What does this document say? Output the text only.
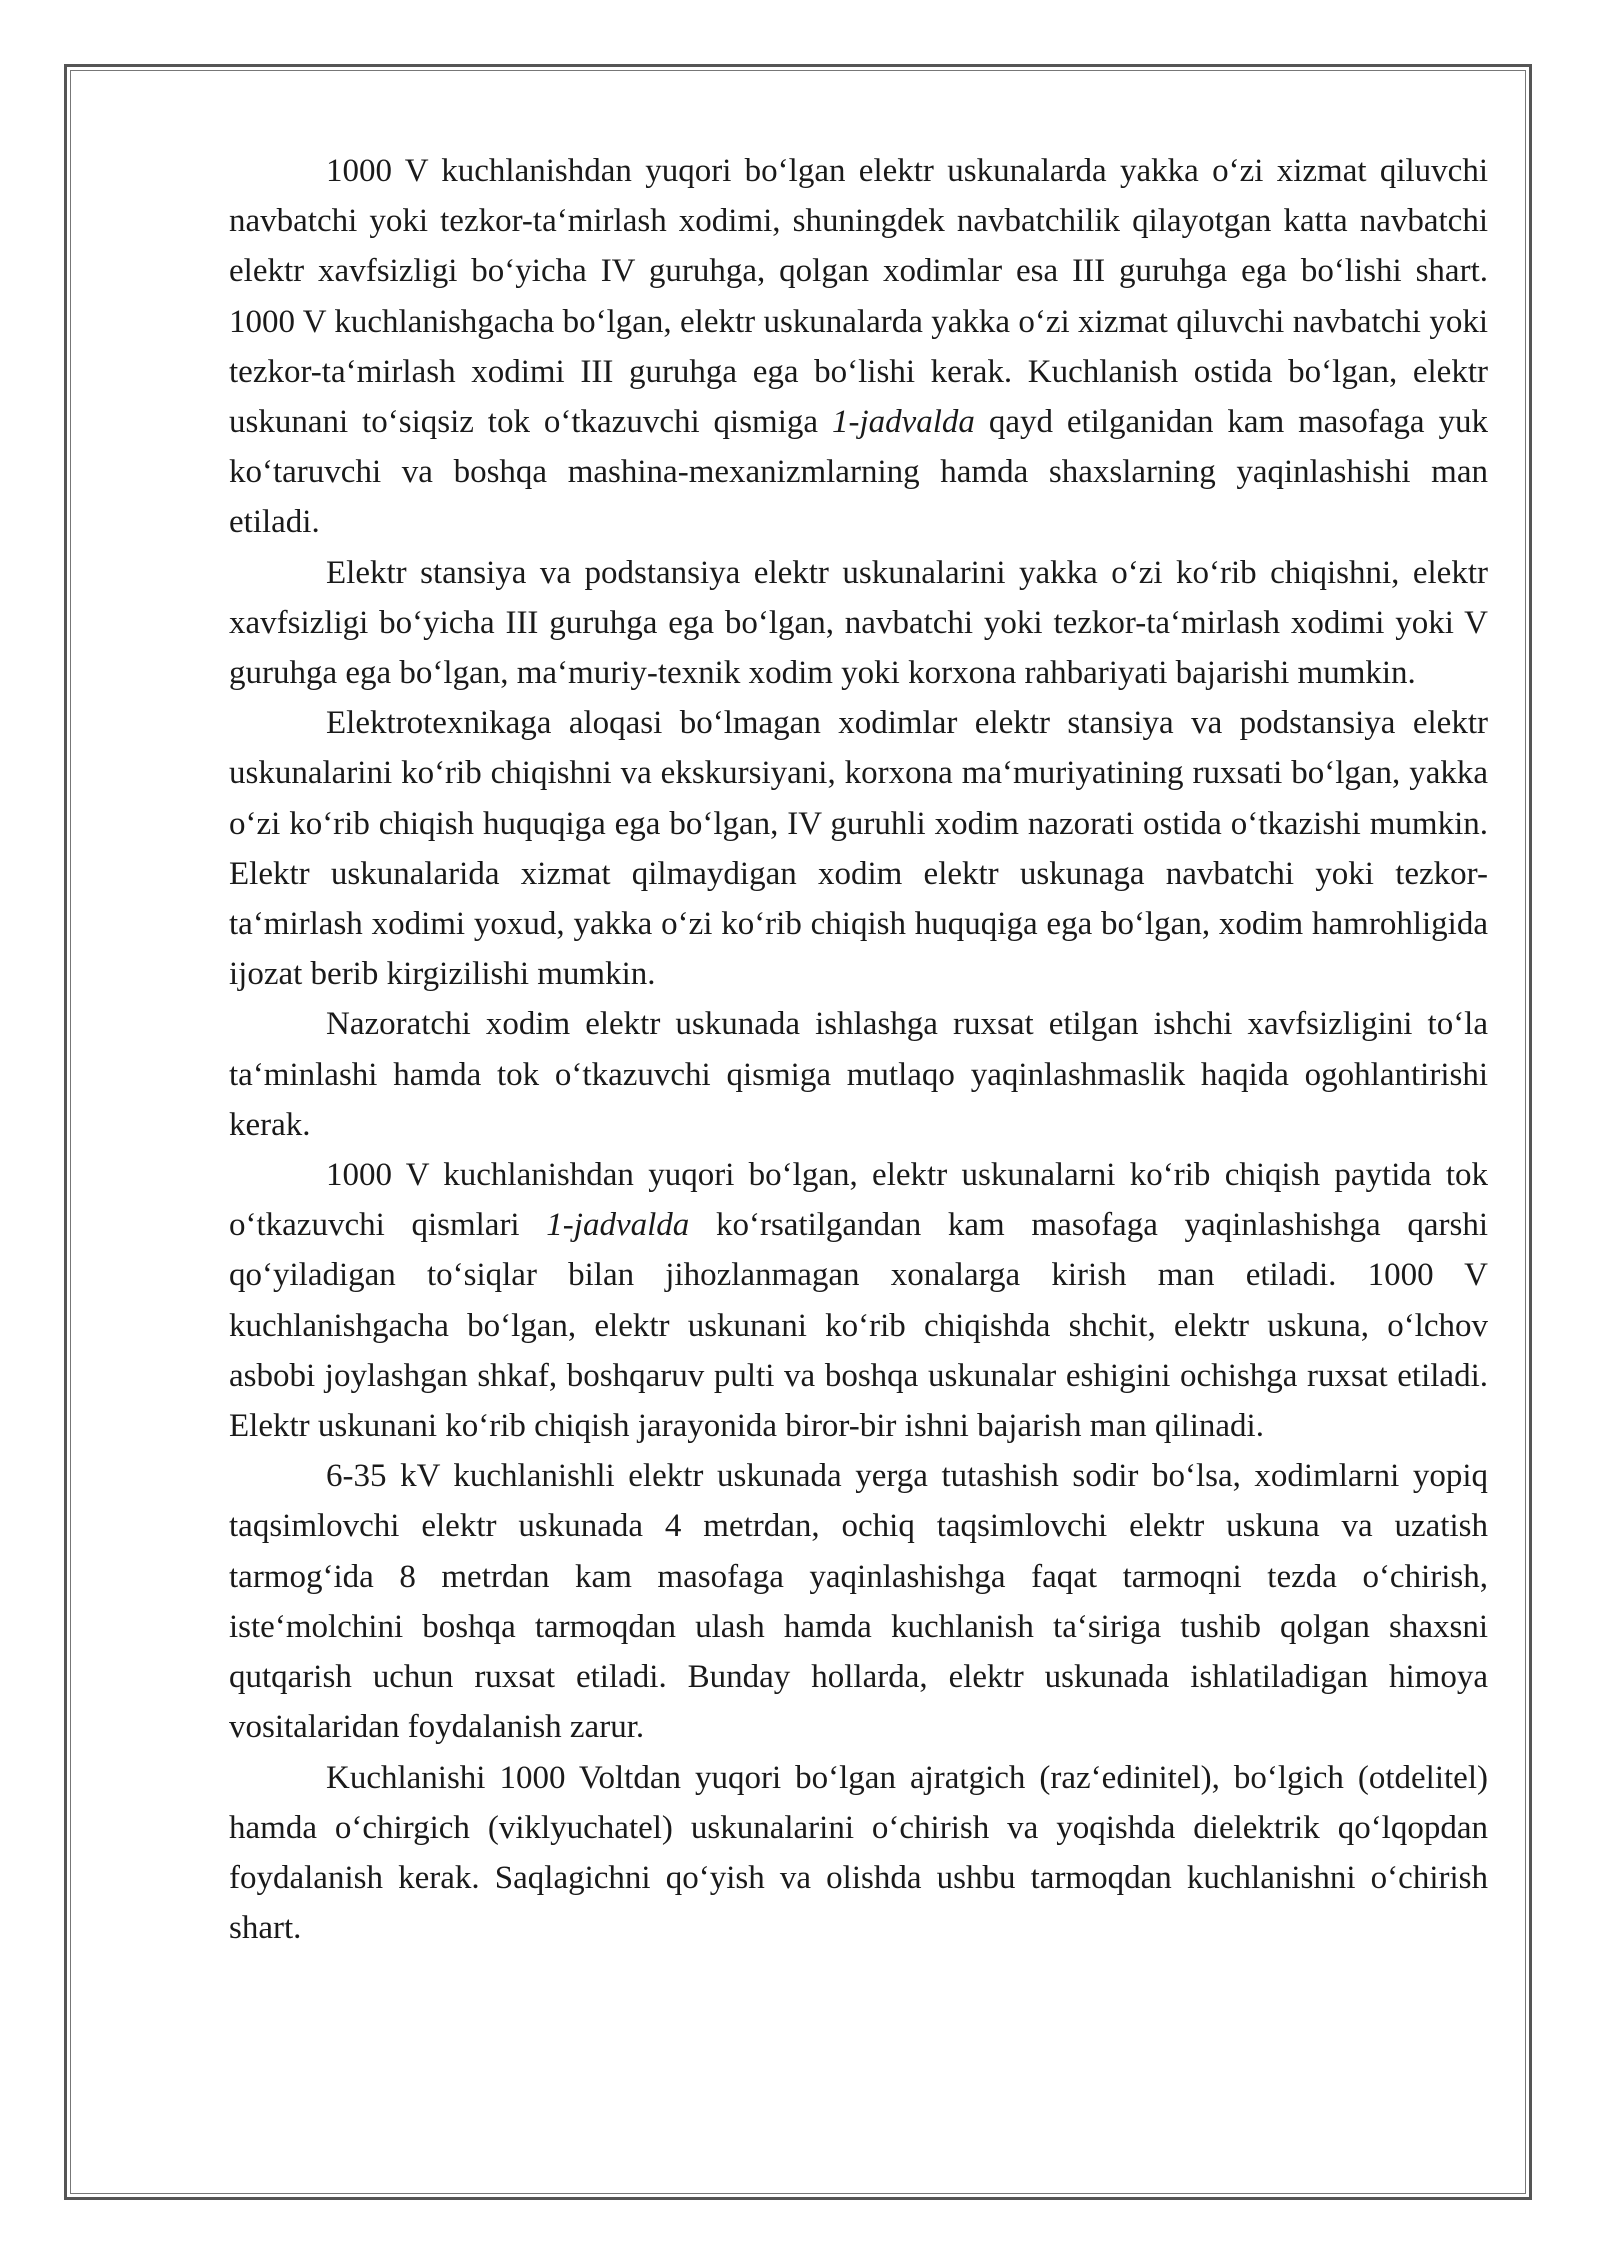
1000 V kuchlanishdan yuqori bo‘lgan elektr uskunalarda yakka o‘zi xizmat qiluvchi navbatchi yoki tezkor-ta‘mirlash xodimi, shuningdek navbatchilik qilayotgan katta navbatchi elektr xavfsizligi bo‘yicha IV guruhga, qolgan xodimlar esa III guruhga ega bo‘lishi shart. 1000 V kuchlanishgacha bo‘lgan, elektr uskunalarda yakka o‘zi xizmat qiluvchi navbatchi yoki tezkor-ta‘mirlash xodimi III guruhga ega bo‘lishi kerak. Kuchlanish ostida bo‘lgan, elektr uskunani to‘siqsiz tok o‘tkazuvchi qismiga 1-jadvalda qayd etilganidan kam masofaga yuk ko‘taruvchi va boshqa mashina-mexanizmlarning hamda shaxslarning yaqinlashishi man etiladi.

Elektr stansiya va podstansiya elektr uskunalarini yakka o‘zi ko‘rib chiqishni, elektr xavfsizligi bo‘yicha III guruhga ega bo‘lgan, navbatchi yoki tezkor-ta‘mirlash xodimi yoki V guruhga ega bo‘lgan, ma‘muriy-texnik xodim yoki korxona rahbariyati bajarishi mumkin.

Elektrotexnikaga aloqasi bo‘lmagan xodimlar elektr stansiya va podstansiya elektr uskunalarini ko‘rib chiqishni va ekskursiyani, korxona ma‘muriyatining ruxsati bo‘lgan, yakka o‘zi ko‘rib chiqish huquqiga ega bo‘lgan, IV guruhli xodim nazorati ostida o‘tkazishi mumkin. Elektr uskunalarida xizmat qilmaydigan xodim elektr uskunaga navbatchi yoki tezkor-ta‘mirlash xodimi yoxud, yakka o‘zi ko‘rib chiqish huquqiga ega bo‘lgan, xodim hamrohligida ijozat berib kirgizilishi mumkin.

Nazoratchi xodim elektr uskunada ishlashga ruxsat etilgan ishchi xavfsizligini to‘la ta‘minlashi hamda tok o‘tkazuvchi qismiga mutlaqo yaqinlashmaslik haqida ogohlantirishi kerak.

1000 V kuchlanishdan yuqori bo‘lgan, elektr uskunalarni ko‘rib chiqish paytida tok o‘tkazuvchi qismlari 1-jadvalda ko‘rsatilgandan kam masofaga yaqinlashishga qarshi qo‘yiladigan to‘siqlar bilan jihozlanmagan xonalarga kirish man etiladi. 1000 V kuchlanishgacha bo‘lgan, elektr uskunani ko‘rib chiqishda shchit, elektr uskuna, o‘lchov asbobi joylashgan shkaf, boshqaruv pulti va boshqa uskunalar eshigini ochishga ruxsat etiladi. Elektr uskunani ko‘rib chiqish jarayonida biror-bir ishni bajarish man qilinadi.

6-35 kV kuchlanishli elektr uskunada yerga tutashish sodir bo‘lsa, xodimlarni yopiq taqsimlovchi elektr uskunada 4 metrdan, ochiq taqsimlovchi elektr uskuna va uzatish tarmog‘ida 8 metrdan kam masofaga yaqinlashishga faqat tarmoqni tezda o‘chirish, iste‘molchini boshqa tarmoqdan ulash hamda kuchlanish ta‘siriga tushib qolgan shaxsni qutqarish uchun ruxsat etiladi. Bunday hollarda, elektr uskunada ishlatiladigan himoya vositalaridan foydalanish zarur.

Kuchlanishi 1000 Voltdan yuqori bo‘lgan ajratgich (raz‘edinitel), bo‘lgich (otdelitel) hamda o‘chirgich (viklyuchatel) uskunalarini o‘chirish va yoqishda dielektrik qo‘lqopdan foydalanish kerak. Saqlagichni qo‘yish va olishda ushbu tarmoqdan kuchlanishni o‘chirish shart.
